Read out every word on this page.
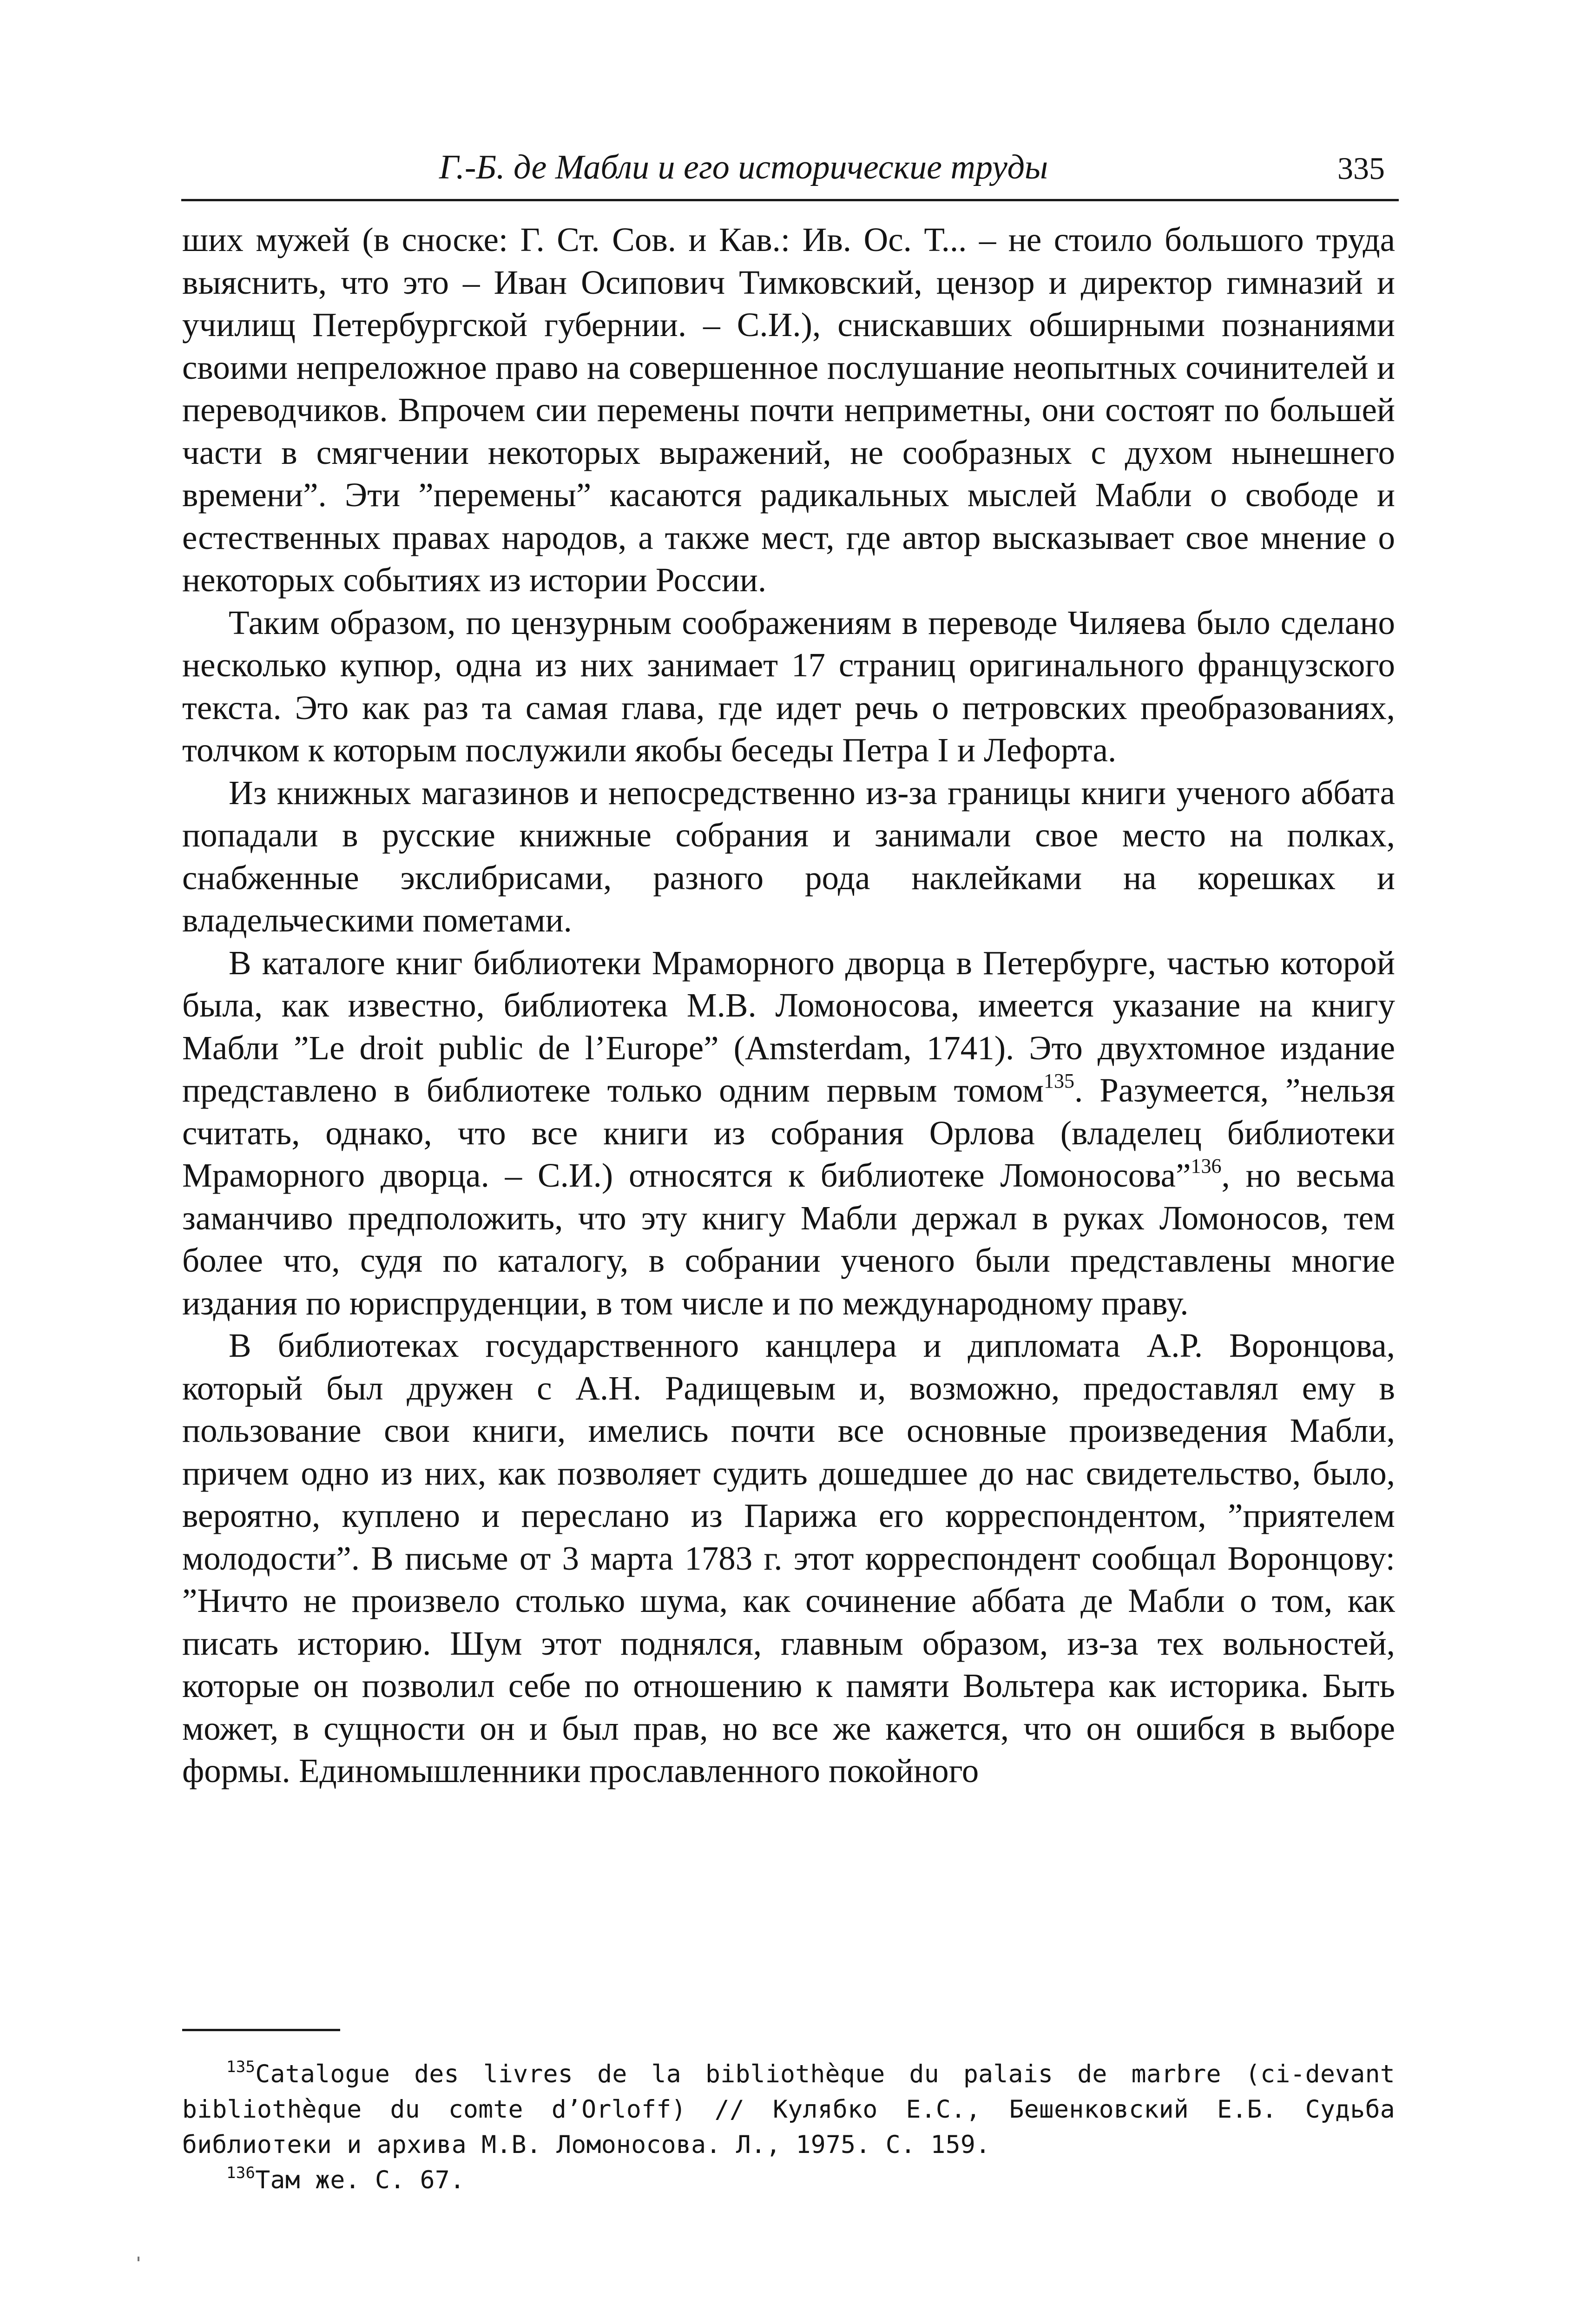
Г.-Б. де Мабли и его исторические труды	335

ших мужей (в сноске: Г. Ст. Сов. и Кав.: Ив. Ос. Т... – не стоило большого труда выяснить, что это – Иван Осипович Тимковский, цензор и директор гимназий и училищ Петербургской губернии. – С.И.), снискавших обширными познаниями своими непреложное право на совершенное послушание неопытных сочинителей и переводчиков. Впрочем сии перемены почти неприметны, они состоят по большей части в смягчении некоторых выражений, не сообразных с духом нынешнего времени”. Эти ”перемены” касаются радикальных мыслей Мабли о свободе и естественных правах народов, а также мест, где автор высказывает свое мнение о некоторых событиях из истории России.

Таким образом, по цензурным соображениям в переводе Чиляева было сделано несколько купюр, одна из них занимает 17 страниц оригинального французского текста. Это как раз та самая глава, где идет речь о петровских преобразованиях, толчком к которым послужили якобы беседы Петра I и Лефорта.

Из книжных магазинов и непосредственно из-за границы книги ученого аббата попадали в русские книжные собрания и занимали свое место на полках, снабженные экслибрисами, разного рода наклейками на корешках и владельческими пометами.

В каталоге книг библиотеки Мраморного дворца в Петербурге, частью которой была, как известно, библиотека М.В. Ломоносова, имеется указание на книгу Мабли ”Le droit public de l’Europe” (Amsterdam, 1741). Это двухтомное издание представлено в библиотеке только одним первым томом$^{135}$. Разумеется, ”нельзя считать, однако, что все книги из собрания Орлова (владелец библиотеки Мраморного дворца. – С.И.) относятся к библиотеке Ломоносова”$^{136}$, но весьма заманчиво предположить, что эту книгу Мабли держал в руках Ломоносов, тем более что, судя по каталогу, в собрании ученого были представлены многие издания по юриспруденции, в том числе и по международному праву.

В библиотеках государственного канцлера и дипломата А.Р. Воронцова, который был дружен с А.Н. Радищевым и, возможно, предоставлял ему в пользование свои книги, имелись почти все основные произведения Мабли, причем одно из них, как позволяет судить дошедшее до нас свидетельство, было, вероятно, куплено и переслано из Парижа его корреспондентом, ”приятелем молодости”. В письме от 3 марта 1783 г. этот корреспондент сообщал Воронцову: ”Ничто не произвело столько шума, как сочинение аббата де Мабли о том, как писать историю. Шум этот поднялся, главным образом, из-за тех вольностей, которые он позволил себе по отношению к памяти Вольтера как историка. Быть может, в сущности он и был прав, но все же кажется, что он ошибся в выборе формы. Единомышленники прославленного покойного

$^{135}$Catalogue des livres de la bibliothèque du palais de marbre (ci-devant bibliothèque du comte d’Orloff) // Кулябко Е.С., Бешенковский Е.Б. Судьба библиотеки и архива М.В. Ломоносова. Л., 1975. С. 159.

$^{136}$Там же. С. 67.
